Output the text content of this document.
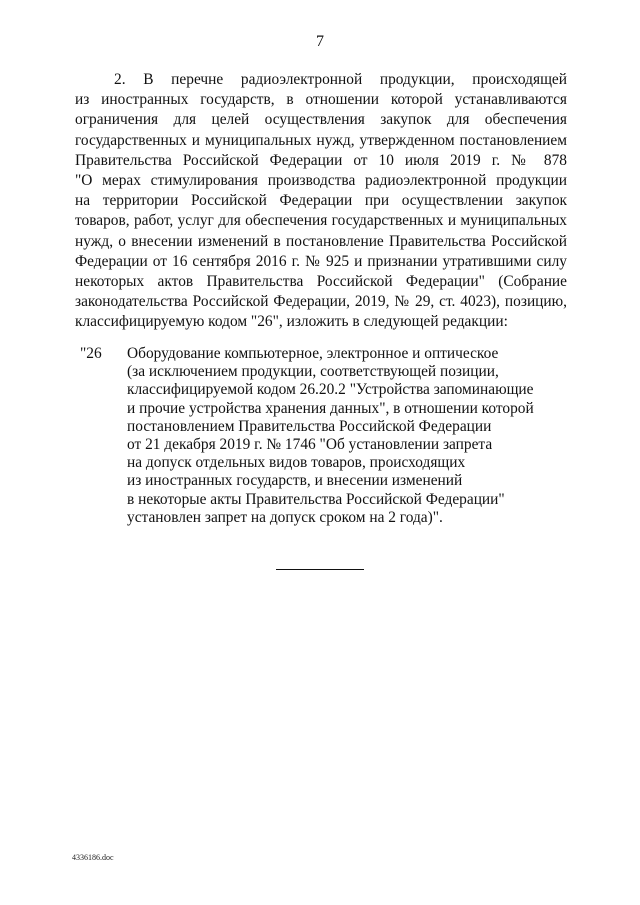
7
2. В перечне радиоэлектронной продукции, происходящей
из иностранных государств, в отношении которой устанавливаются
ограничения для целей осуществления закупок для обеспечения
государственных и муниципальных нужд, утвержденном постановлением
Правительства Российской Федерации от 10 июля 2019 г. № 878
"О мерах стимулирования производства радиоэлектронной продукции
на территории Российской Федерации при осуществлении закупок
товаров, работ, услуг для обеспечения государственных и муниципальных
нужд, о внесении изменений в постановление Правительства Российской
Федерации от 16 сентября 2016 г. № 925 и признании утратившими силу
некоторых актов Правительства Российской Федерации" (Собрание
законодательства Российской Федерации, 2019, № 29, ст. 4023), позицию,
классифицируемую кодом "26", изложить в следующей редакции:
"26 Оборудование компьютерное, электронное и оптическое
(за исключением продукции, соответствующей позиции,
классифицируемой кодом 26.20.2 "Устройства запоминающие
и прочие устройства хранения данных", в отношении которой
постановлением Правительства Российской Федерации
от 21 декабря 2019 г. № 1746 "Об установлении запрета
на допуск отдельных видов товаров, происходящих
из иностранных государств, и внесении изменений
в некоторые акты Правительства Российской Федерации"
установлен запрет на допуск сроком на 2 года)".
4336186.doc
